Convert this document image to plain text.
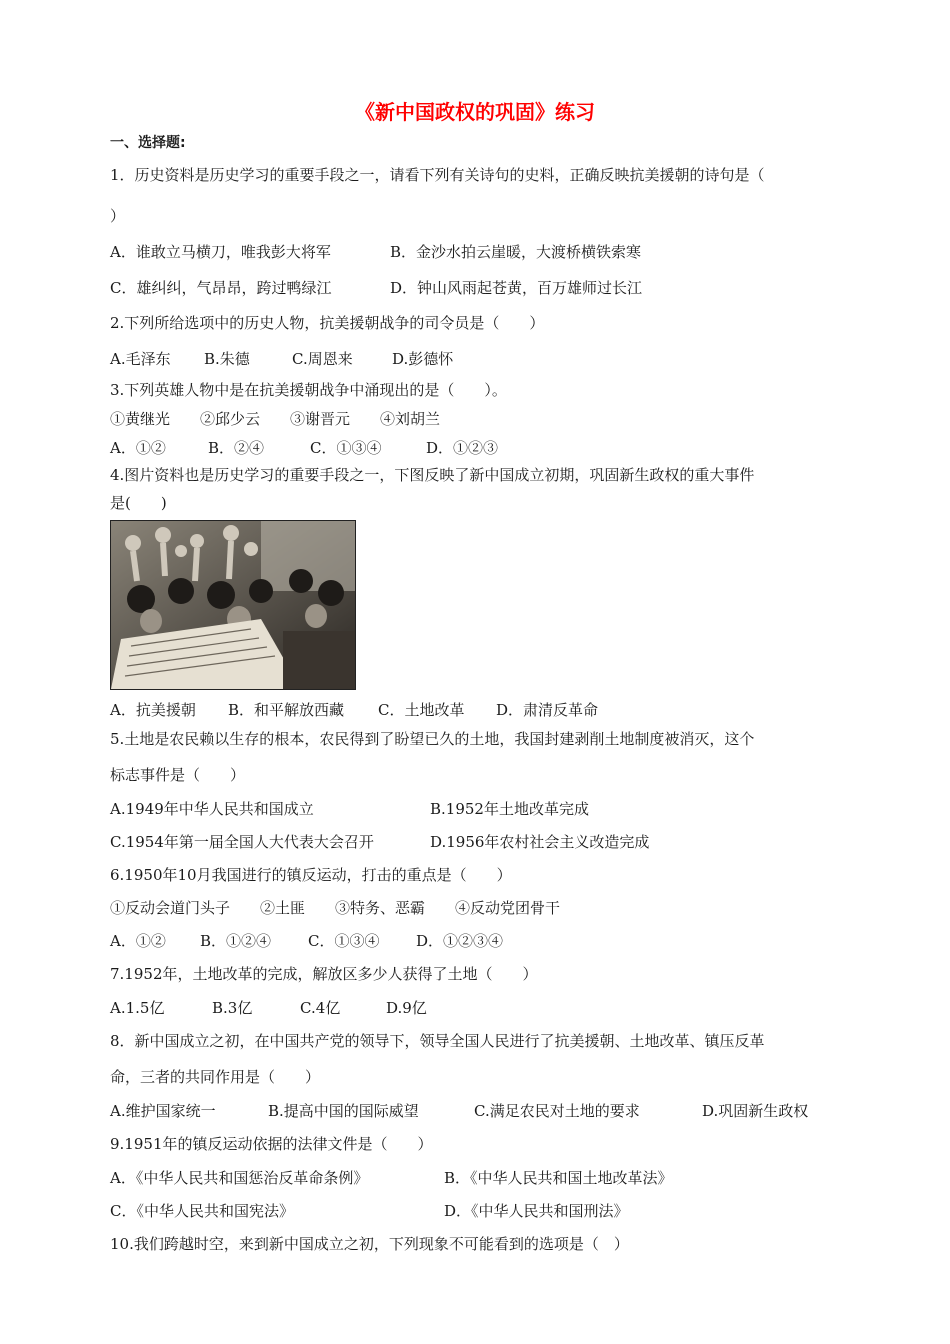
《新中国政权的巩固》练习
一、选择题:
1．历史资料是历史学习的重要手段之一，请看下列有关诗句的史料，正确反映抗美援朝的诗句是（
）
A．谁敢立马横刀，唯我彭大将军	B．金沙水拍云崖暖，大渡桥横铁索寒
C．雄纠纠，气昂昂，跨过鸭绿江	D．钟山风雨起苍黄，百万雄师过长江
2.下列所给选项中的历史人物，抗美援朝战争的司令员是（　　）
A.毛泽东 B.朱德	C.周恩来	D.彭德怀
3.下列英雄人物中是在抗美援朝战争中涌现出的是（　　）。
①黄继光　　②邱少云　　③谢晋元　　④刘胡兰
A．①②	B．②④	C．①③④	D．①②③
4.图片资料也是历史学习的重要手段之一，下图反映了新中国成立初期，巩固新生政权的重大事件
是(　　)
A．抗美援朝 B．和平解放西藏 C．土地改革 D．肃清反革命
5.土地是农民赖以生存的根本，农民得到了盼望已久的土地，我国封建剥削土地制度被消灭，这个
标志事件是（　　）
A.1949年中华人民共和国成立	B.1952年土地改革完成
C.1954年第一届全国人大代表大会召开	D.1956年农村社会主义改造完成
6.1950年10月我国进行的镇反运动，打击的重点是（　　）
①反动会道门头子　　②土匪　　③特务、恶霸　　④反动党团骨干
A．①② B．①②④ C．①③④ D．①②③④
7.1952年，土地改革的完成，解放区多少人获得了土地（　　）
A.1.5亿	B.3亿	C.4亿	D.9亿
8．新中国成立之初，在中国共产党的领导下，领导全国人民进行了抗美援朝、土地改革、镇压反革
命，三者的共同作用是（　　）
A.维护国家统一	B.提高中国的国际威望	C.满足农民对土地的要求	D.巩固新生政权
9.1951年的镇反运动依据的法律文件是（　　）
A．《中华人民共和国惩治反革命条例》	B．《中华人民共和国土地改革法》
C．《中华人民共和国宪法》	D．《中华人民共和国刑法》
10.我们跨越时空，来到新中国成立之初，下列现象不可能看到的选项是（　）
